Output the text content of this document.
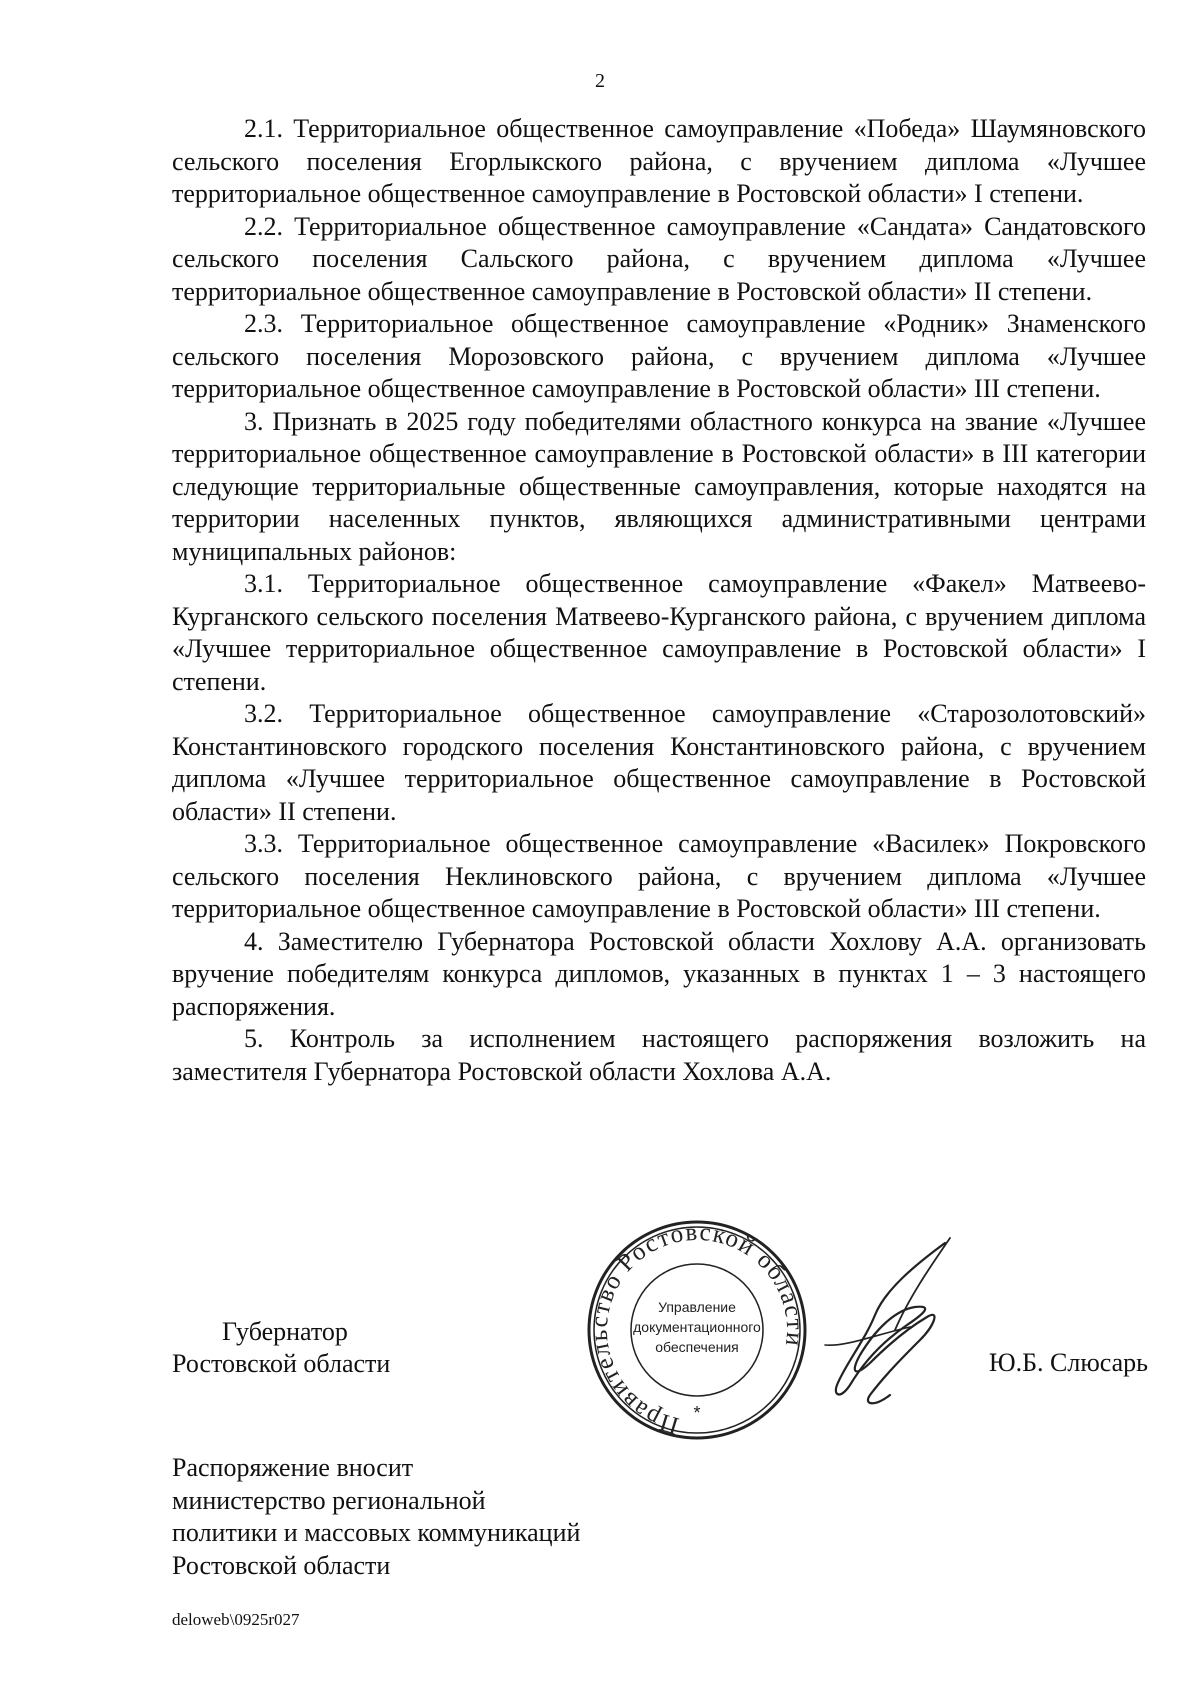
2

2.1. Территориальное общественное самоуправление «Победа» Шаумяновского сельского поселения Егорлыкского района, с вручением диплома «Лучшее территориальное общественное самоуправление в Ростовской области» I степени.

2.2. Территориальное общественное самоуправление «Сандата» Сандатовского сельского поселения Сальского района, с вручением диплома «Лучшее территориальное общественное самоуправление в Ростовской области» II степени.

2.3. Территориальное общественное самоуправление «Родник» Знаменского сельского поселения Морозовского района, с вручением диплома «Лучшее территориальное общественное самоуправление в Ростовской области» III степени.

3. Признать в 2025 году победителями областного конкурса на звание «Лучшее территориальное общественное самоуправление в Ростовской области» в III категории следующие территориальные общественные самоуправления, которые находятся на территории населенных пунктов, являющихся административными центрами муниципальных районов:

3.1. Территориальное общественное самоуправление «Факел» Матвеево-Курганского сельского поселения Матвеево-Курганского района, с вручением диплома «Лучшее территориальное общественное самоуправление в Ростовской области» I степени.

3.2. Территориальное общественное самоуправление «Старозолотовский» Константиновского городского поселения Константиновского района, с вручением диплома «Лучшее территориальное общественное самоуправление в Ростовской области» II степени.

3.3. Территориальное общественное самоуправление «Василек» Покровского сельского поселения Неклиновского района, с вручением диплома «Лучшее территориальное общественное самоуправление в Ростовской области» III степени.

4. Заместителю Губернатора Ростовской области Хохлову А.А. организовать вручение победителям конкурса дипломов, указанных в пунктах 1 – 3 настоящего распоряжения.

5. Контроль за исполнением настоящего распоряжения возложить на заместителя Губернатора Ростовской области Хохлова А.А.

Губернатор
Ростовской области
Правительство Ростовской области
Управление
документационного
обеспечения
*
Ю.Б. Слюсарь
Распоряжение вносит
министерство региональной
политики и массовых коммуникаций
Ростовской области
deloweb\0925r027
